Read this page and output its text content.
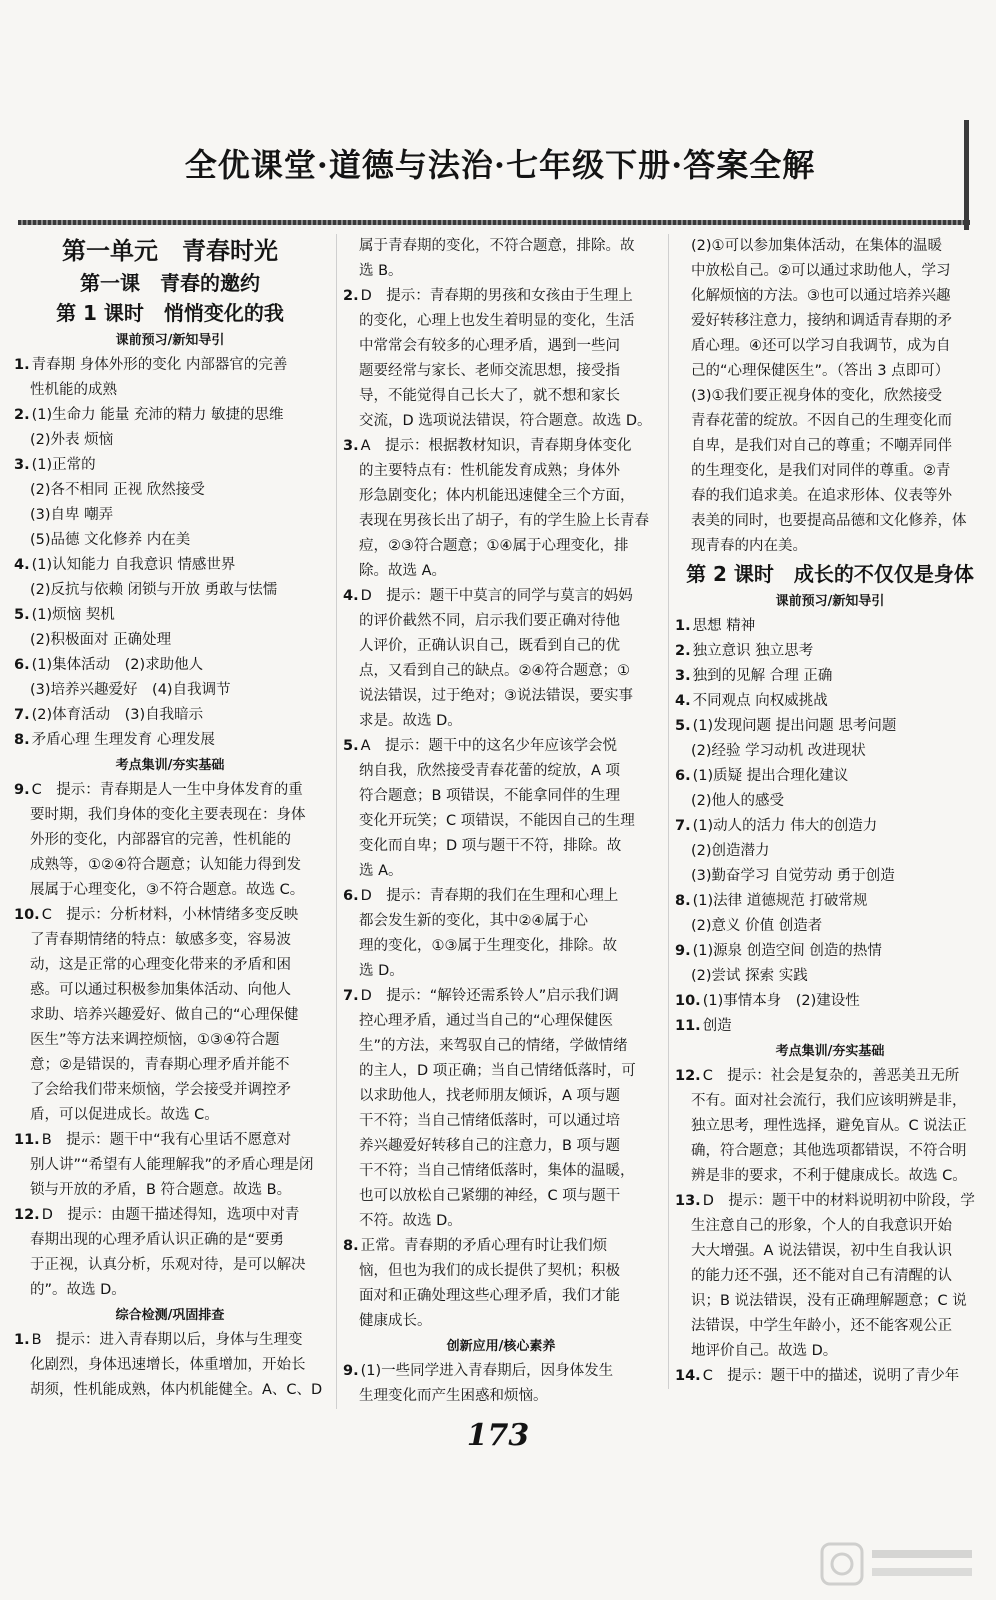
全优课堂·道德与法治·七年级下册·答案全解
第一单元　青春时光
第一课　青春的邀约
第 1 课时　悄悄变化的我
课前预习/新知导引
1. 青春期 身体外形的变化 内部器官的完善
性机能的成熟
2. (1)生命力 能量 充沛的精力 敏捷的思维
(2)外表 烦恼
3. (1)正常的
(2)各不相同 正视 欣然接受
(3)自卑 嘲弄
(5)品德 文化修养 内在美
4. (1)认知能力 自我意识 情感世界
(2)反抗与依赖 闭锁与开放 勇敢与怯懦
5. (1)烦恼 契机
(2)积极面对 正确处理
6. (1)集体活动　(2)求助他人
(3)培养兴趣爱好　(4)自我调节
7. (2)体育活动　(3)自我暗示
8. 矛盾心理 生理发育 心理发展
考点集训/夯实基础
9. C　提示：青春期是人一生中身体发育的重
要时期，我们身体的变化主要表现在：身体
外形的变化，内部器官的完善，性机能的
成熟等，①②④符合题意；认知能力得到发
展属于心理变化，③不符合题意。故选 C。
10. C　提示：分析材料，小林情绪多变反映
了青春期情绪的特点：敏感多变，容易波
动，这是正常的心理变化带来的矛盾和困
惑。可以通过积极参加集体活动、向他人
求助、培养兴趣爱好、做自己的“心理保健
医生”等方法来调控烦恼，①③④符合题
意；②是错误的，青春期心理矛盾并能不
了会给我们带来烦恼，学会接受并调控矛
盾，可以促进成长。故选 C。
11. B　提示：题干中“我有心里话不愿意对
别人讲”“希望有人能理解我”的矛盾心理是闭
锁与开放的矛盾，B 符合题意。故选 B。
12. D　提示：由题干描述得知，选项中对青
春期出现的心理矛盾认识正确的是“要勇
于正视，认真分析，乐观对待，是可以解决
的”。故选 D。
综合检测/巩固排查
1. B　提示：进入青春期以后，身体与生理变
化剧烈，身体迅速增长，体重增加，开始长
胡须，性机能成熟，体内机能健全。A、C、D
属于青春期的变化，不符合题意，排除。故
选 B。
2. D　提示：青春期的男孩和女孩由于生理上
的变化，心理上也发生着明显的变化，生活
中常常会有较多的心理矛盾，遇到一些问
题要经常与家长、老师交流思想，接受指
导，不能觉得自己长大了，就不想和家长
交流，D 选项说法错误，符合题意。故选 D。
3. A　提示：根据教材知识，青春期身体变化
的主要特点有：性机能发育成熟；身体外
形急剧变化；体内机能迅速健全三个方面，
表现在男孩长出了胡子，有的学生脸上长青春
痘，②③符合题意；①④属于心理变化，排
除。故选 A。
4. D　提示：题干中莫言的同学与莫言的妈妈
的评价截然不同，启示我们要正确对待他
人评价，正确认识自己，既看到自己的优
点，又看到自己的缺点。②④符合题意；①
说法错误，过于绝对；③说法错误，要实事
求是。故选 D。
5. A　提示：题干中的这名少年应该学会悦
纳自我，欣然接受青春花蕾的绽放，A 项
符合题意；B 项错误，不能拿同伴的生理
变化开玩笑；C 项错误，不能因自己的生理
变化而自卑；D 项与题干不符，排除。故
选 A。
6. D　提示：青春期的我们在生理和心理上
都会发生新的变化，其中②④属于心
理的变化，①③属于生理变化，排除。故
选 D。
7. D　提示：“解铃还需系铃人”启示我们调
控心理矛盾，通过当自己的“心理保健医
生”的方法，来驾驭自己的情绪，学做情绪
的主人，D 项正确；当自己情绪低落时，可
以求助他人，找老师朋友倾诉，A 项与题
干不符；当自己情绪低落时，可以通过培
养兴趣爱好转移自己的注意力，B 项与题
干不符；当自己情绪低落时，集体的温暖，
也可以放松自己紧绷的神经，C 项与题干
不符。故选 D。
8. 正常。青春期的矛盾心理有时让我们烦
恼，但也为我们的成长提供了契机；积极
面对和正确处理这些心理矛盾，我们才能
健康成长。
创新应用/核心素养
9. (1)一些同学进入青春期后，因身体发生
生理变化而产生困惑和烦恼。
(2)①可以参加集体活动，在集体的温暖
中放松自己。②可以通过求助他人，学习
化解烦恼的方法。③也可以通过培养兴趣
爱好转移注意力，接纳和调适青春期的矛
盾心理。④还可以学习自我调节，成为自
己的“心理保健医生”。（答出 3 点即可）
(3)①我们要正视身体的变化，欣然接受
青春花蕾的绽放。不因自己的生理变化而
自卑，是我们对自己的尊重；不嘲弄同伴
的生理变化，是我们对同伴的尊重。②青
春的我们追求美。在追求形体、仪表等外
表美的同时，也要提高品德和文化修养，体
现青春的内在美。
第 2 课时　成长的不仅仅是身体
课前预习/新知导引
1. 思想 精神
2. 独立意识 独立思考
3. 独到的见解 合理 正确
4. 不同观点 向权威挑战
5. (1)发现问题 提出问题 思考问题
(2)经验 学习动机 改进现状
6. (1)质疑 提出合理化建议
(2)他人的感受
7. (1)动人的活力 伟大的创造力
(2)创造潜力
(3)勤奋学习 自觉劳动 勇于创造
8. (1)法律 道德规范 打破常规
(2)意义 价值 创造者
9. (1)源泉 创造空间 创造的热情
(2)尝试 探索 实践
10. (1)事情本身　(2)建设性
11. 创造
考点集训/夯实基础
12. C　提示：社会是复杂的，善恶美丑无所
不有。面对社会流行，我们应该明辨是非，
独立思考，理性选择，避免盲从。C 说法正
确，符合题意；其他选项都错误，不符合明
辨是非的要求，不利于健康成长。故选 C。
13. D　提示：题干中的材料说明初中阶段，学
生注意自己的形象，个人的自我意识开始
大大增强。A 说法错误，初中生自我认识
的能力还不强，还不能对自己有清醒的认
识；B 说法错误，没有正确理解题意；C 说
法错误，中学生年龄小，还不能客观公正
地评价自己。故选 D。
14. C　提示：题干中的描述，说明了青少年
173
